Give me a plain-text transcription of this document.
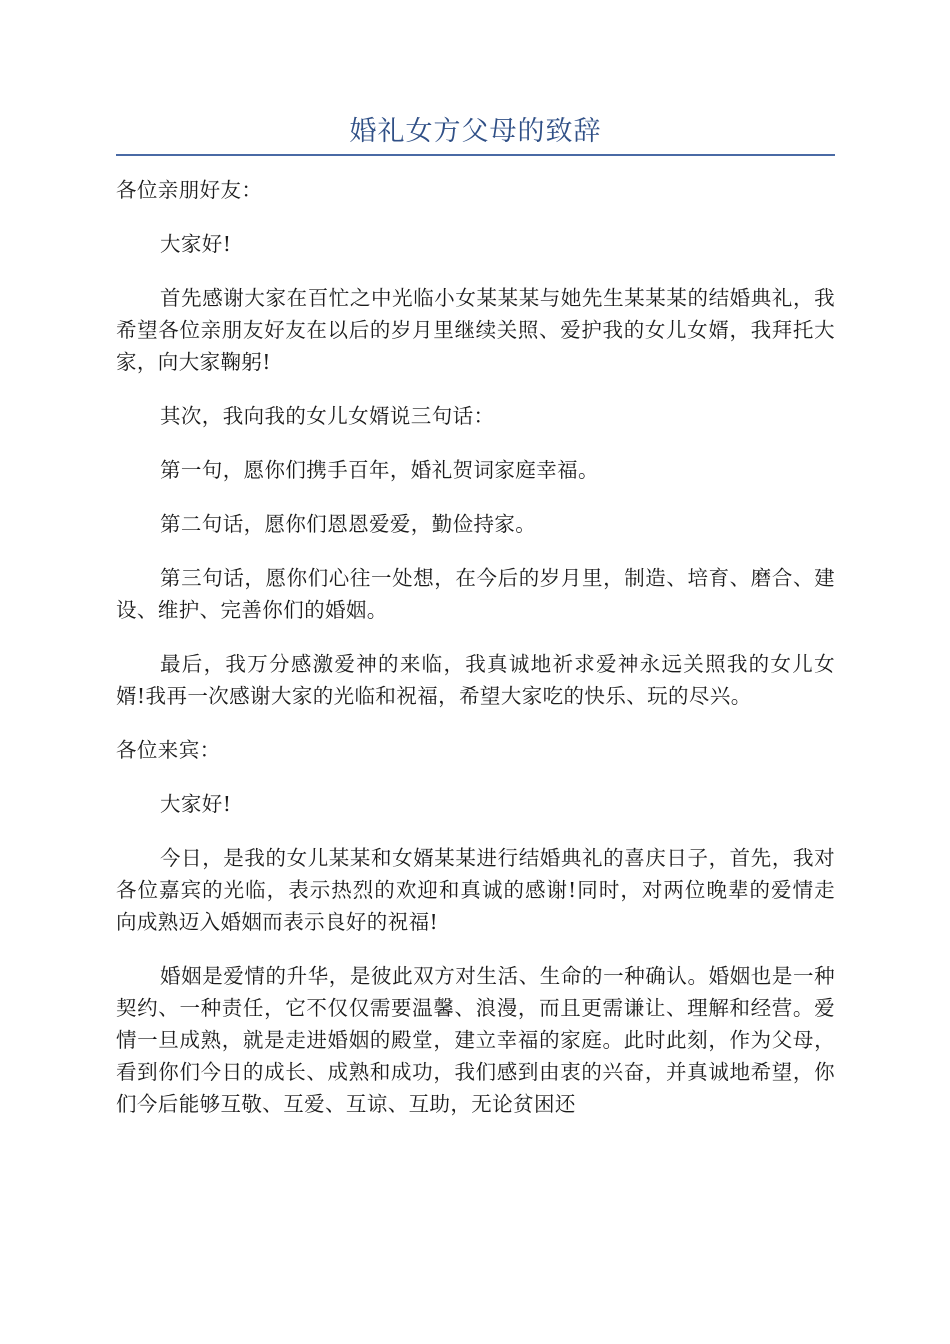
婚礼女方父母的致辞

各位亲朋好友：

大家好!

首先感谢大家在百忙之中光临小女某某某与她先生某某某的结婚典礼，我希望各位亲朋友好友在以后的岁月里继续关照、爱护我的女儿女婿，我拜托大家，向大家鞠躬!

其次，我向我的女儿女婿说三句话：

第一句，愿你们携手百年，婚礼贺词家庭幸福。

第二句话，愿你们恩恩爱爱，勤俭持家。

第三句话，愿你们心往一处想，在今后的岁月里，制造、培育、磨合、建设、维护、完善你们的婚姻。

最后，我万分感激爱神的来临，我真诚地祈求爱神永远关照我的女儿女婿!我再一次感谢大家的光临和祝福，希望大家吃的快乐、玩的尽兴。

各位来宾：

大家好!

今日，是我的女儿某某和女婿某某进行结婚典礼的喜庆日子，首先，我对各位嘉宾的光临，表示热烈的欢迎和真诚的感谢!同时，对两位晚辈的爱情走向成熟迈入婚姻而表示良好的祝福!

婚姻是爱情的升华，是彼此双方对生活、生命的一种确认。婚姻也是一种契约、一种责任，它不仅仅需要温馨、浪漫，而且更需谦让、理解和经营。爱情一旦成熟，就是走进婚姻的殿堂，建立幸福的家庭。此时此刻，作为父母，看到你们今日的成长、成熟和成功，我们感到由衷的兴奋，并真诚地希望，你们今后能够互敬、互爱、互谅、互助，无论贫困还
